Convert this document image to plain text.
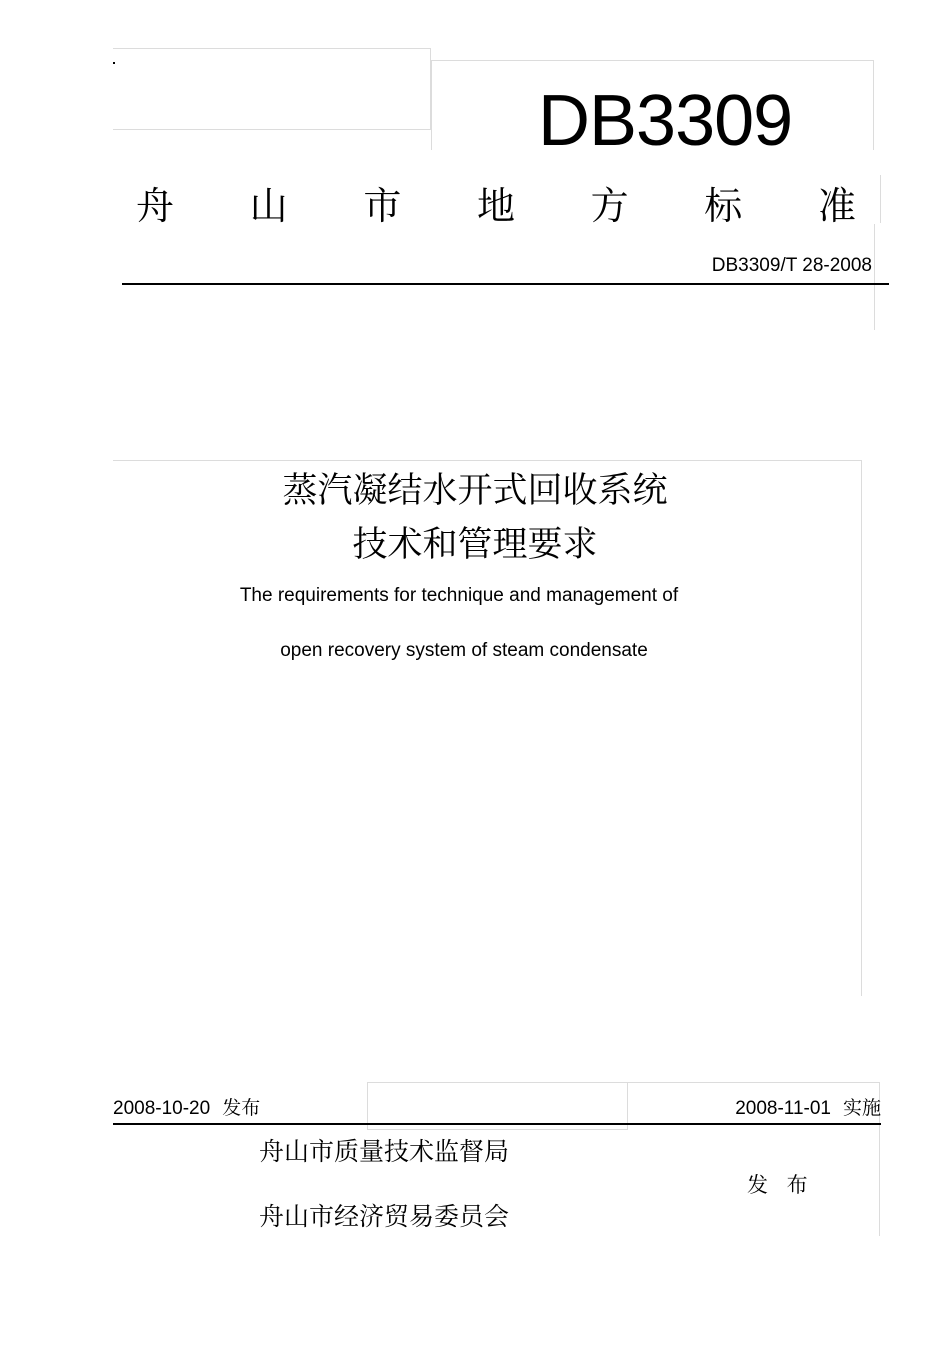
DB3309
舟 山 市 地 方 标 准
DB3309/T 28-2008
蒸汽凝结水开式回收系统
技术和管理要求
The requirements for technique and management of
open recovery system of steam condensate
2008-10-20 发布	2008-11-01 实施
舟山市质量技术监督局
舟山市经济贸易委员会
发 布
